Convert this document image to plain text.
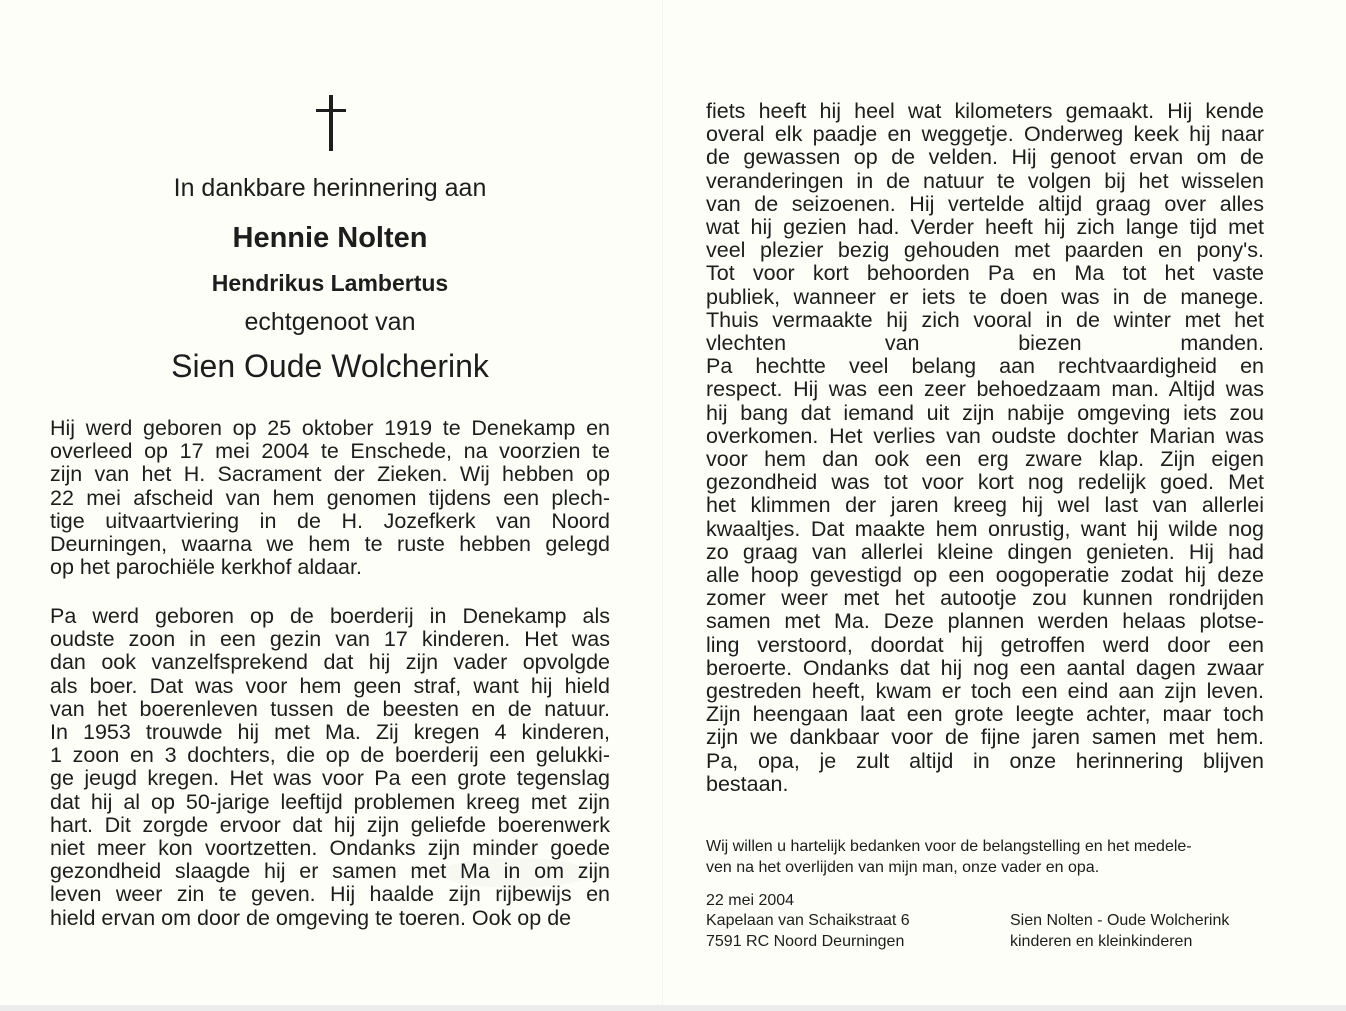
In dankbare herinnering aan

Hennie Nolten

Hendrikus Lambertus

echtgenoot van

Sien Oude Wolcherink

Hij werd geboren op 25 oktober 1919 te Denekamp en
overleed op 17 mei 2004 te Enschede, na voorzien te
zijn van het H. Sacrament der Zieken. Wij hebben op
22 mei afscheid van hem genomen tijdens een plech-
tige uitvaartviering in de H. Jozefkerk van Noord
Deurningen, waarna we hem te ruste hebben gelegd
op het parochiële kerkhof aldaar.
Pa werd geboren op de boerderij in Denekamp als
oudste zoon in een gezin van 17 kinderen. Het was
dan ook vanzelfsprekend dat hij zijn vader opvolgde
als boer. Dat was voor hem geen straf, want hij hield
van het boerenleven tussen de beesten en de natuur.
In 1953 trouwde hij met Ma. Zij kregen 4 kinderen,
1 zoon en 3 dochters, die op de boerderij een gelukki-
ge jeugd kregen. Het was voor Pa een grote tegenslag
dat hij al op 50-jarige leeftijd problemen kreeg met zijn
hart. Dit zorgde ervoor dat hij zijn geliefde boerenwerk
niet meer kon voortzetten. Ondanks zijn minder goede
gezondheid slaagde hij er samen met Ma in om zijn
leven weer zin te geven. Hij haalde zijn rijbewijs en
hield ervan om door de omgeving te toeren. Ook op de
fiets heeft hij heel wat kilometers gemaakt. Hij kende
overal elk paadje en weggetje. Onderweg keek hij naar
de gewassen op de velden. Hij genoot ervan om de
veranderingen in de natuur te volgen bij het wisselen
van de seizoenen. Hij vertelde altijd graag over alles
wat hij gezien had. Verder heeft hij zich lange tijd met
veel plezier bezig gehouden met paarden en pony's.
Tot voor kort behoorden Pa en Ma tot het vaste
publiek, wanneer er iets te doen was in de manege.
Thuis vermaakte hij zich vooral in de winter met het
vlechten van biezen manden.
Pa hechtte veel belang aan rechtvaardigheid en
respect. Hij was een zeer behoedzaam man. Altijd was
hij bang dat iemand uit zijn nabije omgeving iets zou
overkomen. Het verlies van oudste dochter Marian was
voor hem dan ook een erg zware klap. Zijn eigen
gezondheid was tot voor kort nog redelijk goed. Met
het klimmen der jaren kreeg hij wel last van allerlei
kwaaltjes. Dat maakte hem onrustig, want hij wilde nog
zo graag van allerlei kleine dingen genieten. Hij had
alle hoop gevestigd op een oogoperatie zodat hij deze
zomer weer met het autootje zou kunnen rondrijden
samen met Ma. Deze plannen werden helaas plotse-
ling verstoord, doordat hij getroffen werd door een
beroerte. Ondanks dat hij nog een aantal dagen zwaar
gestreden heeft, kwam er toch een eind aan zijn leven.
Zijn heengaan laat een grote leegte achter, maar toch
zijn we dankbaar voor de fijne jaren samen met hem.
Pa, opa, je zult altijd in onze herinnering blijven
bestaan.
Wij willen u hartelijk bedanken voor de belangstelling en het medele-
ven na het overlijden van mijn man, onze vader en opa.

22 mei 2004

Kapelaan van Schaikstraat 6
7591 RC Noord Deurningen
Sien Nolten - Oude Wolcherink
kinderen en kleinkinderen
